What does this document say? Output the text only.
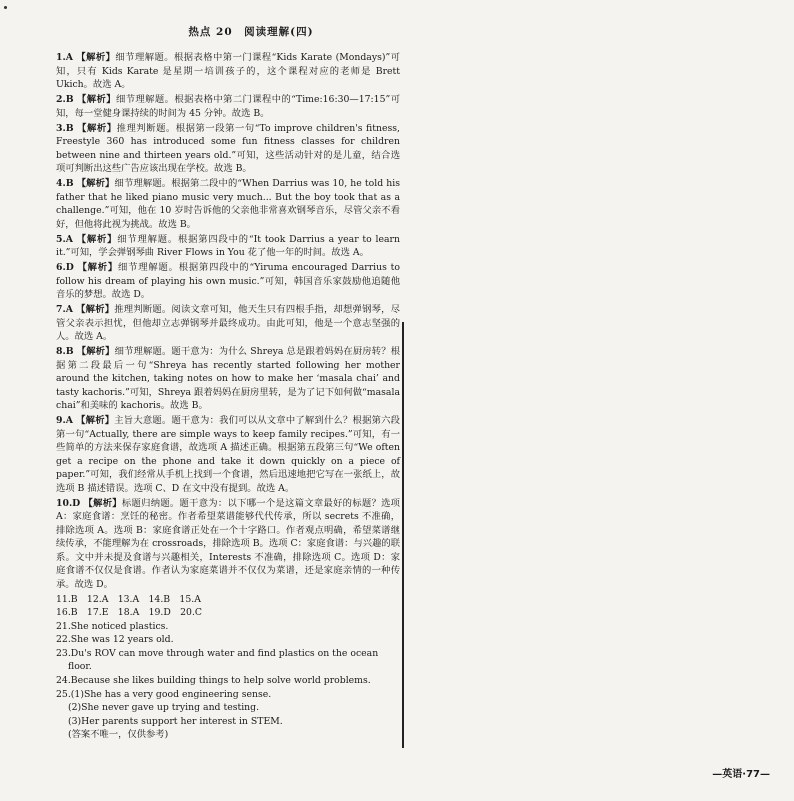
热点 20　阅读理解(四)

1.A 【解析】细节理解题。根据表格中第一门课程“Kids Karate (Mondays)”可知，只有 Kids Karate 是星期一培训孩子的，这个课程对应的老师是 Brett Ukich。故选 A。

2.B 【解析】细节理解题。根据表格中第二门课程中的“Time:16:30—17:15”可知，每一堂健身课持续的时间为 45 分钟。故选 B。

3.B 【解析】推理判断题。根据第一段第一句“To improve children's fitness, Freestyle 360 has introduced some fun fitness classes for children between nine and thirteen years old.”可知，这些活动针对的是儿童，结合选项可判断出这些广告应该出现在学校。故选 B。

4.B 【解析】细节理解题。根据第二段中的“When Darrius was 10, he told his father that he liked piano music very much... But the boy took that as a challenge.”可知，他在 10 岁时告诉他的父亲他非常喜欢钢琴音乐，尽管父亲不看好，但他将此视为挑战。故选 B。

5.A 【解析】细节理解题。根据第四段中的“It took Darrius a year to learn it.”可知，学会弹钢琴曲 River Flows in You 花了他一年的时间。故选 A。

6.D 【解析】细节理解题。根据第四段中的“Yiruma encouraged Darrius to follow his dream of playing his own music.”可知，韩国音乐家鼓励他追随他音乐的梦想。故选 D。

7.A 【解析】推理判断题。阅读文章可知，他天生只有四根手指，却想弹钢琴，尽管父亲表示担忧，但他却立志弹钢琴并最终成功。由此可知，他是一个意志坚强的人。故选 A。

8.B 【解析】细节理解题。题干意为：为什么 Shreya 总是跟着妈妈在厨房转？根据第二段最后一句“Shreya has recently started following her mother around the kitchen, taking notes on how to make her ‘masala chai’ and tasty kachoris.”可知，Shreya 跟着妈妈在厨房里转，是为了记下如何做“masala chai”和美味的 kachoris。故选 B。

9.A 【解析】主旨大意题。题干意为：我们可以从文章中了解到什么？根据第六段第一句“Actually, there are simple ways to keep family recipes.”可知，有一些简单的方法来保存家庭食谱，故选项 A 描述正确。根据第五段第三句“We often get a recipe on the phone and take it down quickly on a piece of paper.”可知，我们经常从手机上找到一个食谱，然后迅速地把它写在一张纸上，故选项 B 描述错误。选项 C、D 在文中没有提到。故选 A。

10.D 【解析】标题归纳题。题干意为：以下哪一个是这篇文章最好的标题？选项 A：家庭食谱：烹饪的秘密。作者希望菜谱能够代代传承，所以 secrets 不准确，排除选项 A。选项 B：家庭食谱正处在一个十字路口。作者观点明确，希望菜谱继续传承，不能理解为在 crossroads，排除选项 B。选项 C：家庭食谱：与兴趣的联系。文中并未提及食谱与兴趣相关，Interests 不准确，排除选项 C。选项 D：家庭食谱不仅仅是食谱。作者认为家庭菜谱并不仅仅为菜谱，还是家庭亲情的一种传承。故选 D。

11.B　12.A　13.A　14.B　15.A

16.B　17.E　18.A　19.D　20.C

21.She noticed plastics.

22.She was 12 years old.

23.Du's ROV can move through water and find plastics on the ocean

floor.

24.Because she likes building things to help solve world problems.

25.(1)She has a very good engineering sense.

(2)She never gave up trying and testing.

(3)Her parents support her interest in STEM.

(答案不唯一，仅供参考)

—英语·77—
